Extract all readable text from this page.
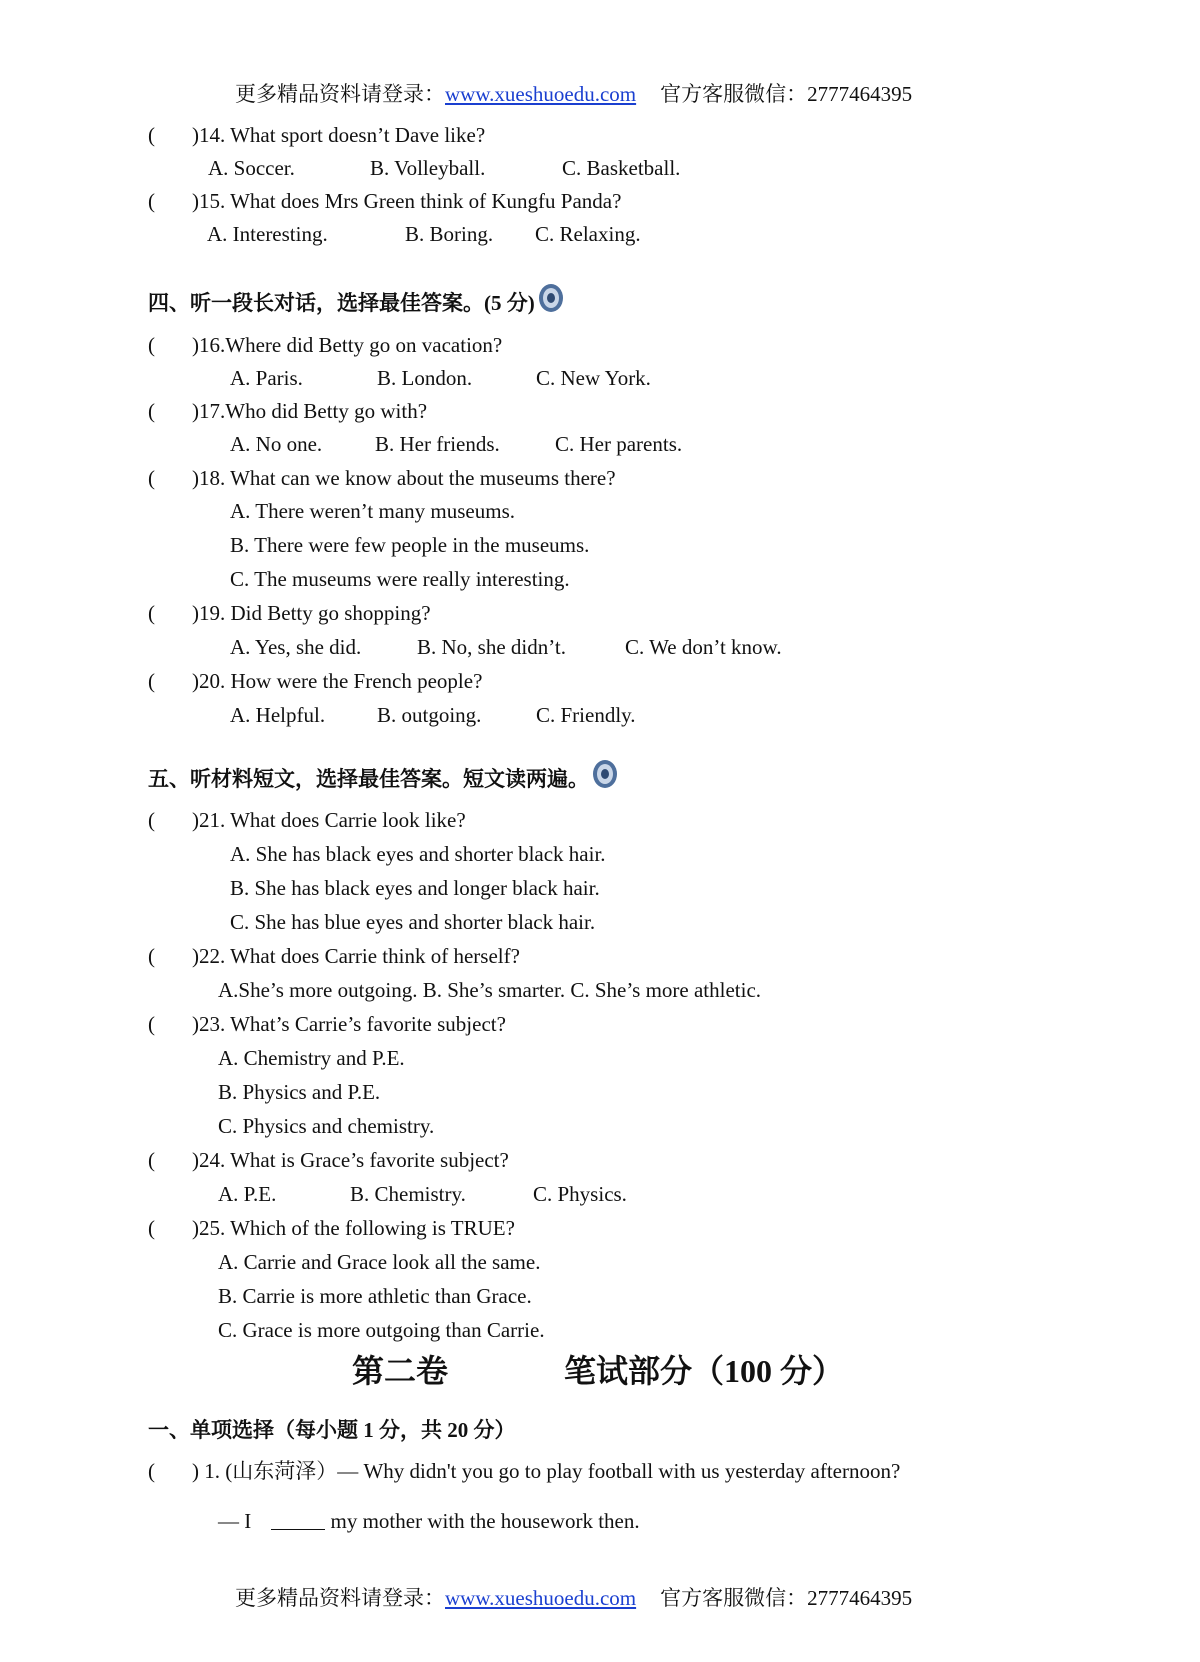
更多精品资料请登录：www.xueshuoedu.com 官方客服微信：2777464395
( )14. What sport doesn’t Dave like?
A. Soccer.	B. Volleyball.	C. Basketball.
( )15. What does Mrs Green think of Kungfu Panda?
A. Interesting.	B. Boring. C. Relaxing.
四、听一段长对话，选择最佳答案。(5 分)
( )16.Where did Betty go on vacation?
A. Paris.	B. London.	C. New York.
( )17.Who did Betty go with?
A. No one.	B. Her friends.	C. Her parents.
( )18. What can we know about the museums there?
A. There weren’t many museums.
B. There were few people in the museums.
C. The museums were really interesting.
( )19. Did Betty go shopping?
A. Yes, she did.	B. No, she didn’t.	C. We don’t know.
( )20. How were the French people?
A. Helpful. B. outgoing.	C. Friendly.
五、听材料短文，选择最佳答案。短文读两遍。
( )21. What does Carrie look like?
A. She has black eyes and shorter black hair.
B. She has black eyes and longer black hair.
C. She has blue eyes and shorter black hair.
( )22. What does Carrie think of herself?
A.She’s more outgoing. B. She’s smarter. C. She’s more athletic.
( )23. What’s Carrie’s favorite subject?
A. Chemistry and P.E.
B. Physics and P.E.
C. Physics and chemistry.
( )24. What is Grace’s favorite subject?
A. P.E.	B. Chemistry.	C. Physics.
( )25. Which of the following is TRUE?
A. Carrie and Grace look all the same.
B. Carrie is more athletic than Grace.
C. Grace is more outgoing than Carrie.
第二卷	笔试部分（100 分）
一、单项选择（每小题 1 分，共 20 分）
( ) 1. (山东菏泽）— Why didn't you go to play football with us yesterday afternoon?
— I	my mother with the housework then.
更多精品资料请登录：www.xueshuoedu.com 官方客服微信：2777464395
